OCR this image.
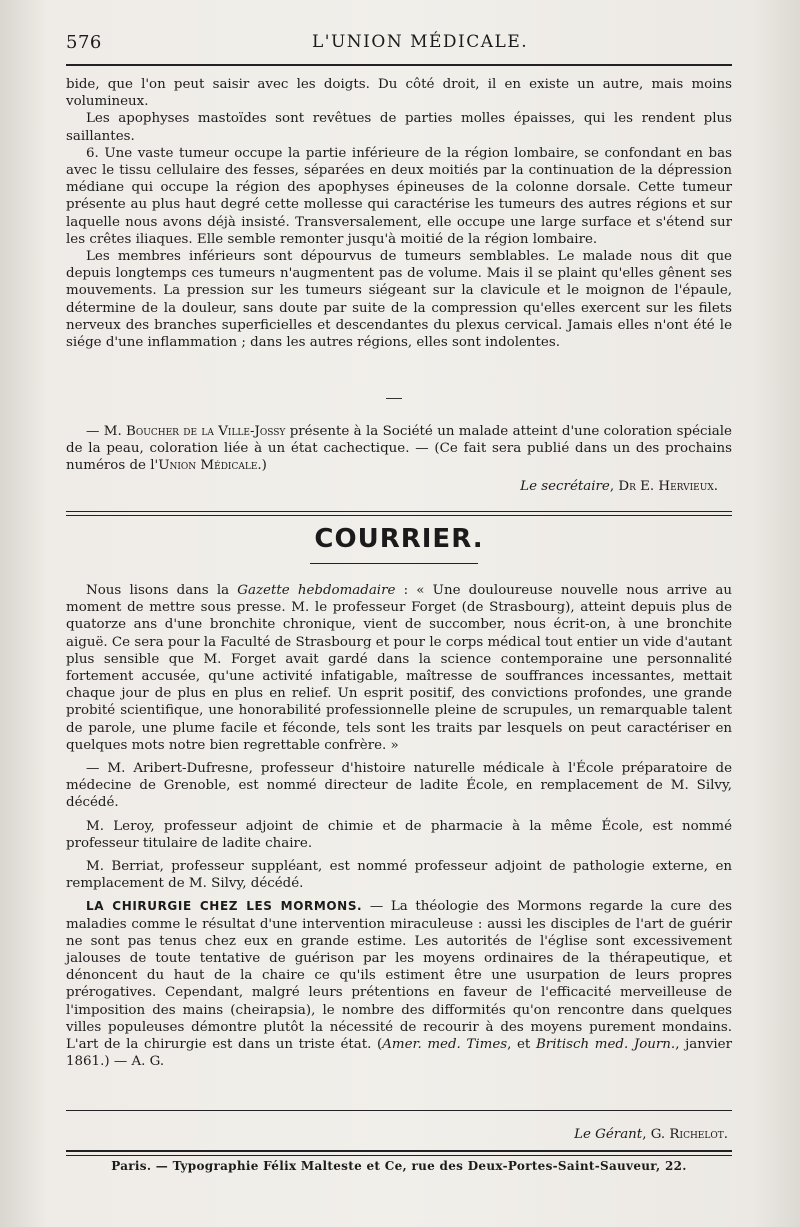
576	L'UNION MÉDICALE.

bide, que l'on peut saisir avec les doigts. Du côté droit, il en existe un autre, mais moins volumineux.

Les apophyses mastoïdes sont revêtues de parties molles épaisses, qui les rendent plus saillantes.

6. Une vaste tumeur occupe la partie inférieure de la région lombaire, se confondant en bas avec le tissu cellulaire des fesses, séparées en deux moitiés par la continuation de la dépression médiane qui occupe la région des apophyses épineuses de la colonne dorsale. Cette tumeur présente au plus haut degré cette mollesse qui caractérise les tumeurs des autres régions et sur laquelle nous avons déjà insisté. Transversalement, elle occupe une large surface et s'étend sur les crêtes iliaques. Elle semble remonter jusqu'à moitié de la région lombaire.

Les membres inférieurs sont dépourvus de tumeurs semblables. Le malade nous dit que depuis longtemps ces tumeurs n'augmentent pas de volume. Mais il se plaint qu'elles gênent ses mouvements. La pression sur les tumeurs siégeant sur la clavicule et le moignon de l'épaule, détermine de la douleur, sans doute par suite de la compression qu'elles exercent sur les filets nerveux des branches superficielles et descendantes du plexus cervical. Jamais elles n'ont été le siége d'une inflammation ; dans les autres régions, elles sont indolentes.

— M. Boucher de la Ville-Jossy présente à la Société un malade atteint d'une coloration spéciale de la peau, coloration liée à un état cachectique. — (Ce fait sera publié dans un des prochains numéros de l'Union Médicale.)

Le secrétaire, Dr E. Hervieux.
COURRIER.

Nous lisons dans la Gazette hebdomadaire : « Une douloureuse nouvelle nous arrive au moment de mettre sous presse. M. le professeur Forget (de Strasbourg), atteint depuis plus de quatorze ans d'une bronchite chronique, vient de succomber, nous écrit-on, à une bronchite aiguë. Ce sera pour la Faculté de Strasbourg et pour le corps médical tout entier un vide d'autant plus sensible que M. Forget avait gardé dans la science contemporaine une personnalité fortement accusée, qu'une activité infatigable, maîtresse de souffrances incessantes, mettait chaque jour de plus en plus en relief. Un esprit positif, des convictions profondes, une grande probité scientifique, une honorabilité professionnelle pleine de scrupules, un remarquable talent de parole, une plume facile et féconde, tels sont les traits par lesquels on peut caractériser en quelques mots notre bien regrettable confrère. »

— M. Aribert-Dufresne, professeur d'histoire naturelle médicale à l'École préparatoire de médecine de Grenoble, est nommé directeur de ladite École, en remplacement de M. Silvy, décédé.

M. Leroy, professeur adjoint de chimie et de pharmacie à la même École, est nommé professeur titulaire de ladite chaire.

M. Berriat, professeur suppléant, est nommé professeur adjoint de pathologie externe, en remplacement de M. Silvy, décédé.

LA CHIRURGIE CHEZ LES MORMONS. — La théologie des Mormons regarde la cure des maladies comme le résultat d'une intervention miraculeuse : aussi les disciples de l'art de guérir ne sont pas tenus chez eux en grande estime. Les autorités de l'église sont excessivement jalouses de toute tentative de guérison par les moyens ordinaires de la thérapeutique, et dénoncent du haut de la chaire ce qu'ils estiment être une usurpation de leurs propres prérogatives. Cependant, malgré leurs prétentions en faveur de l'efficacité merveilleuse de l'imposition des mains (cheirapsia), le nombre des difformités qu'on rencontre dans quelques villes populeuses démontre plutôt la nécessité de recourir à des moyens purement mondains. L'art de la chirurgie est dans un triste état. (Amer. med. Times, et Britisch med. Journ., janvier 1861.) — A. G.

Le Gérant, G. Richelot.
Paris. — Typographie Félix Malteste et Ce, rue des Deux-Portes-Saint-Sauveur, 22.
